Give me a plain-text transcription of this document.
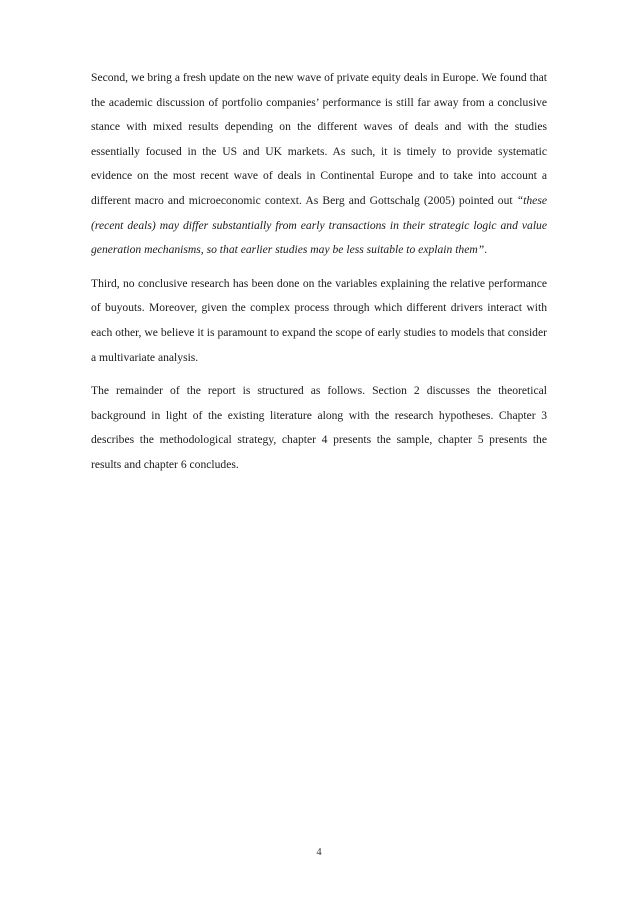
Second, we bring a fresh update on the new wave of private equity deals in Europe. We found that the academic discussion of portfolio companies’ performance is still far away from a conclusive stance with mixed results depending on the different waves of deals and with the studies essentially focused in the US and UK markets. As such, it is timely to provide systematic evidence on the most recent wave of deals in Continental Europe and to take into account a different macro and microeconomic context. As Berg and Gottschalg (2005) pointed out “these (recent deals) may differ substantially from early transactions in their strategic logic and value generation mechanisms, so that earlier studies may be less suitable to explain them”.

Third, no conclusive research has been done on the variables explaining the relative performance of buyouts. Moreover, given the complex process through which different drivers interact with each other, we believe it is paramount to expand the scope of early studies to models that consider a multivariate analysis.

The remainder of the report is structured as follows. Section 2 discusses the theoretical background in light of the existing literature along with the research hypotheses. Chapter 3 describes the methodological strategy, chapter 4 presents the sample, chapter 5 presents the results and chapter 6 concludes.

4
